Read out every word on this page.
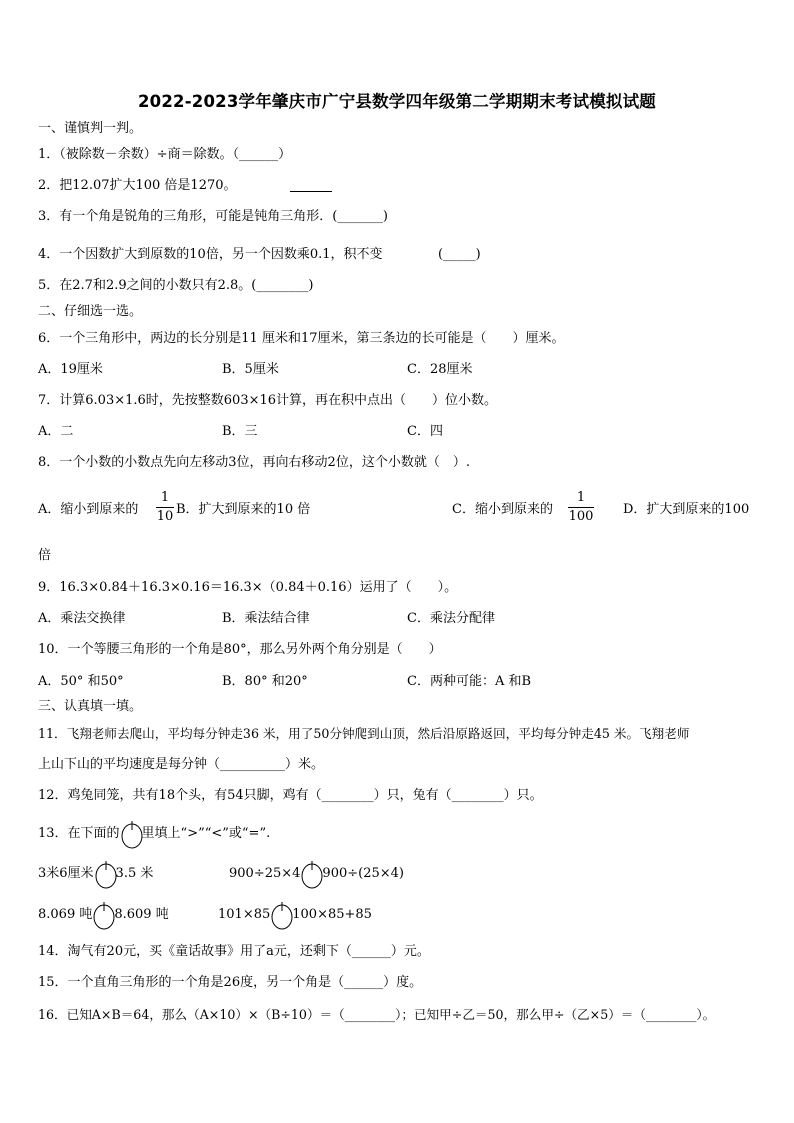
2022-2023学年肇庆市广宁县数学四年级第二学期期末考试模拟试题
一、谨慎判一判。
1．（被除数－余数）÷商＝除数。（______）
2．把12.07扩大100 倍是1270。
3．有一个角是锐角的三角形，可能是钝角三角形．(_______)
4．一个因数扩大到原数的10倍，另一个因数乘0.1，积不变	(_____)
5．在2.7和2.9之间的小数只有2.8。(________)
二、仔细选一选。
6．一个三角形中，两边的长分别是11 厘米和17厘米，第三条边的长可能是（　　）厘米。
A．19厘米	B．5厘米	C．28厘米
7．计算6.03×1.6时，先按整数603×16计算，再在积中点出（　　）位小数。
A．二	B．三	C．四
8．一个小数的小数点先向左移动3位，再向右移动2位，这个小数就（　）.
A．缩小到原来的
1
10 B．扩大到原来的10 倍	C．缩小到原来的
1
100 D．扩大到原来的100
倍
9．16.3×0.84＋16.3×0.16＝16.3×（0.84＋0.16）运用了（　　）。
A．乘法交换律	B．乘法结合律	C．乘法分配律
10．一个等腰三角形的一个角是80°，那么另外两个角分别是（　　）
A．50° 和50°	B．80° 和20°	C．两种可能：A 和B
三、认真填一填。
11．飞翔老师去爬山，平均每分钟走36 米，用了50分钟爬到山顶，然后沿原路返回，平均每分钟走45 米。飞翔老师
上山下山的平均速度是每分钟（__________）米。
12．鸡兔同笼，共有18个头，有54只脚，鸡有（________）只，兔有（________）只。
13．在下面的 里填上“>”“<”或“=”.
3米6厘米 3.5 米	900÷25×4 900÷(25×4)
8.069 吨 8.609 吨	101×85 100×85+85
14．淘气有20元，买《童话故事》用了a元，还剩下（______）元。
15．一个直角三角形的一个角是26度，另一个角是（______）度。
16．已知A×B＝64，那么（A×10）×（B÷10）＝（________）；已知甲÷乙＝50，那么甲÷（乙×5）＝（________）。
